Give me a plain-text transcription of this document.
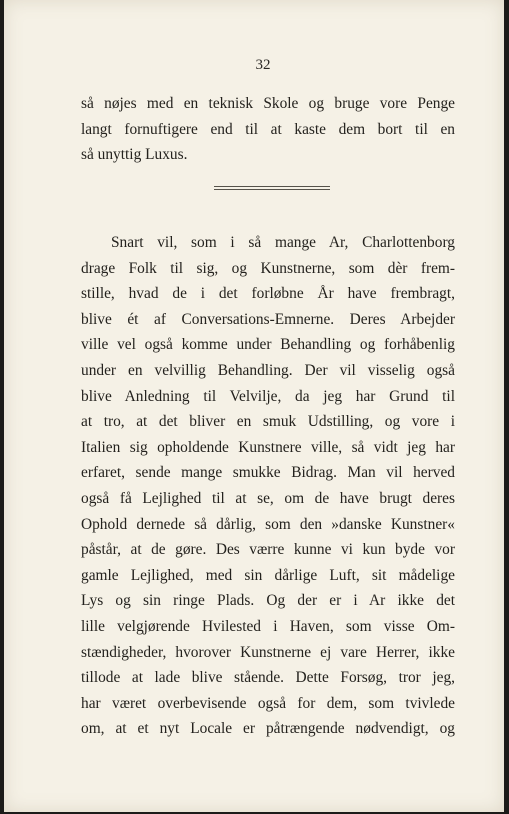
32
så nøjes med en teknisk Skole og bruge vore Penge
langt fornuftigere end til at kaste dem bort til en
så unyttig Luxus.
Snart vil, som i så mange Ar, Charlottenborg
drage Folk til sig, og Kunstnerne, som dèr frem-
stille, hvad de i det forløbne År have frembragt,
blive ét af Conversations-Emnerne. Deres Arbejder
ville vel også komme under Behandling og forhåbenlig
under en velvillig Behandling. Der vil visselig også
blive Anledning til Velvilje, da jeg har Grund til
at tro, at det bliver en smuk Udstilling, og vore i
Italien sig opholdende Kunstnere ville, så vidt jeg har
erfaret, sende mange smukke Bidrag. Man vil herved
også få Lejlighed til at se, om de have brugt deres
Ophold dernede så dårlig, som den »danske Kunstner«
påstår, at de gøre. Des værre kunne vi kun byde vor
gamle Lejlighed, med sin dårlige Luft, sit mådelige
Lys og sin ringe Plads. Og der er i Ar ikke det
lille velgjørende Hvilested i Haven, som visse Om-
stændigheder, hvorover Kunstnerne ej vare Herrer, ikke
tillode at lade blive stående. Dette Forsøg, tror jeg,
har været overbevisende også for dem, som tvivlede
om, at et nyt Locale er påtrængende nødvendigt, og
